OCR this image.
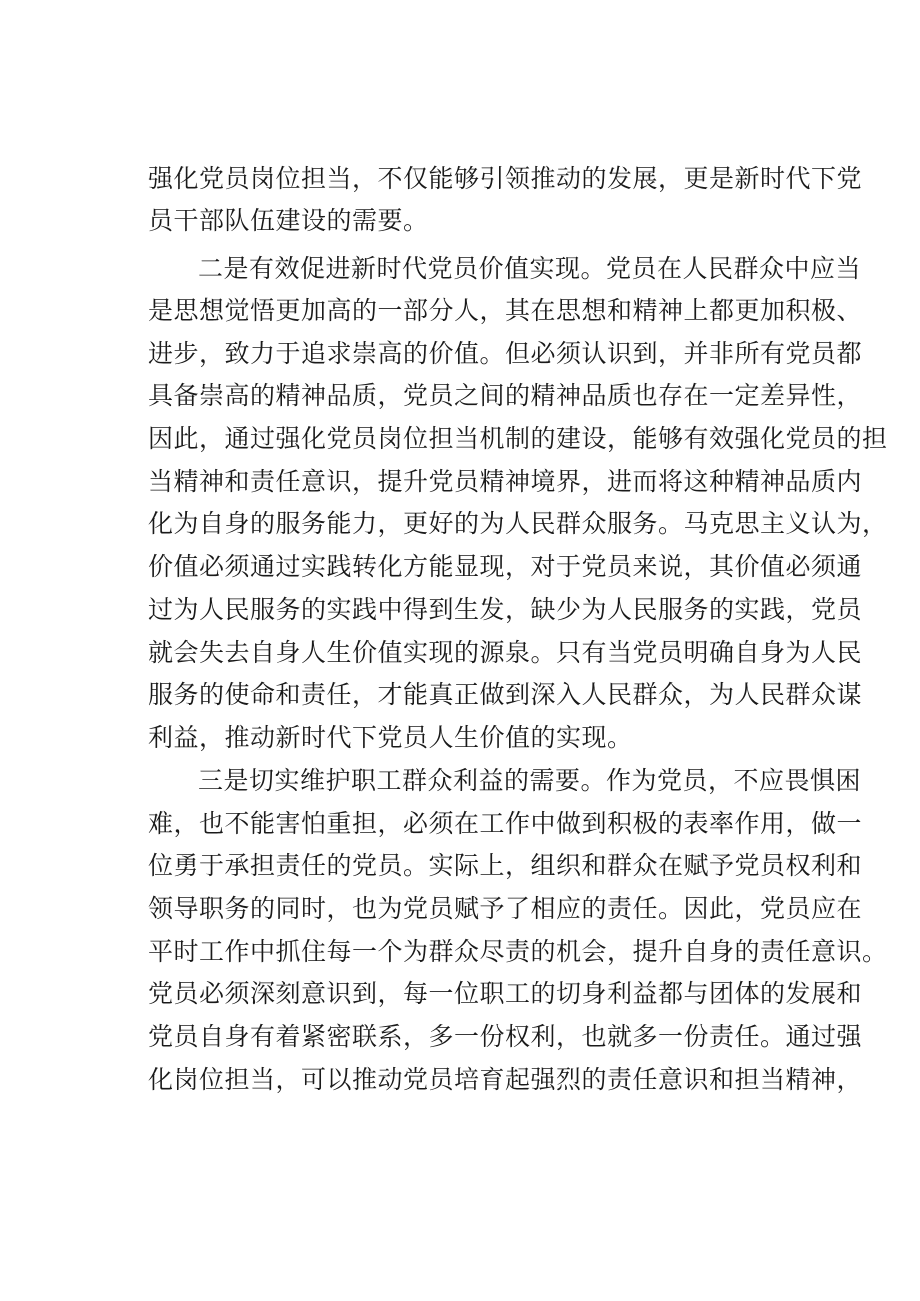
强化党员岗位担当，不仅能够引领推动的发展，更是新时代下党

员干部队伍建设的需要。

二是有效促进新时代党员价值实现。党员在人民群众中应当

是思想觉悟更加高的一部分人，其在思想和精神上都更加积极、

进步，致力于追求崇高的价值。但必须认识到，并非所有党员都

具备崇高的精神品质，党员之间的精神品质也存在一定差异性，

因此，通过强化党员岗位担当机制的建设，能够有效强化党员的担

当精神和责任意识，提升党员精神境界，进而将这种精神品质内

化为自身的服务能力，更好的为人民群众服务。马克思主义认为，

价值必须通过实践转化方能显现，对于党员来说，其价值必须通

过为人民服务的实践中得到生发，缺少为人民服务的实践，党员

就会失去自身人生价值实现的源泉。只有当党员明确自身为人民

服务的使命和责任，才能真正做到深入人民群众，为人民群众谋

利益，推动新时代下党员人生价值的实现。

三是切实维护职工群众利益的需要。作为党员，不应畏惧困

难，也不能害怕重担，必须在工作中做到积极的表率作用，做一

位勇于承担责任的党员。实际上，组织和群众在赋予党员权利和

领导职务的同时，也为党员赋予了相应的责任。因此，党员应在

平时工作中抓住每一个为群众尽责的机会，提升自身的责任意识。

党员必须深刻意识到，每一位职工的切身利益都与团体的发展和

党员自身有着紧密联系，多一份权利，也就多一份责任。通过强

化岗位担当，可以推动党员培育起强烈的责任意识和担当精神，
